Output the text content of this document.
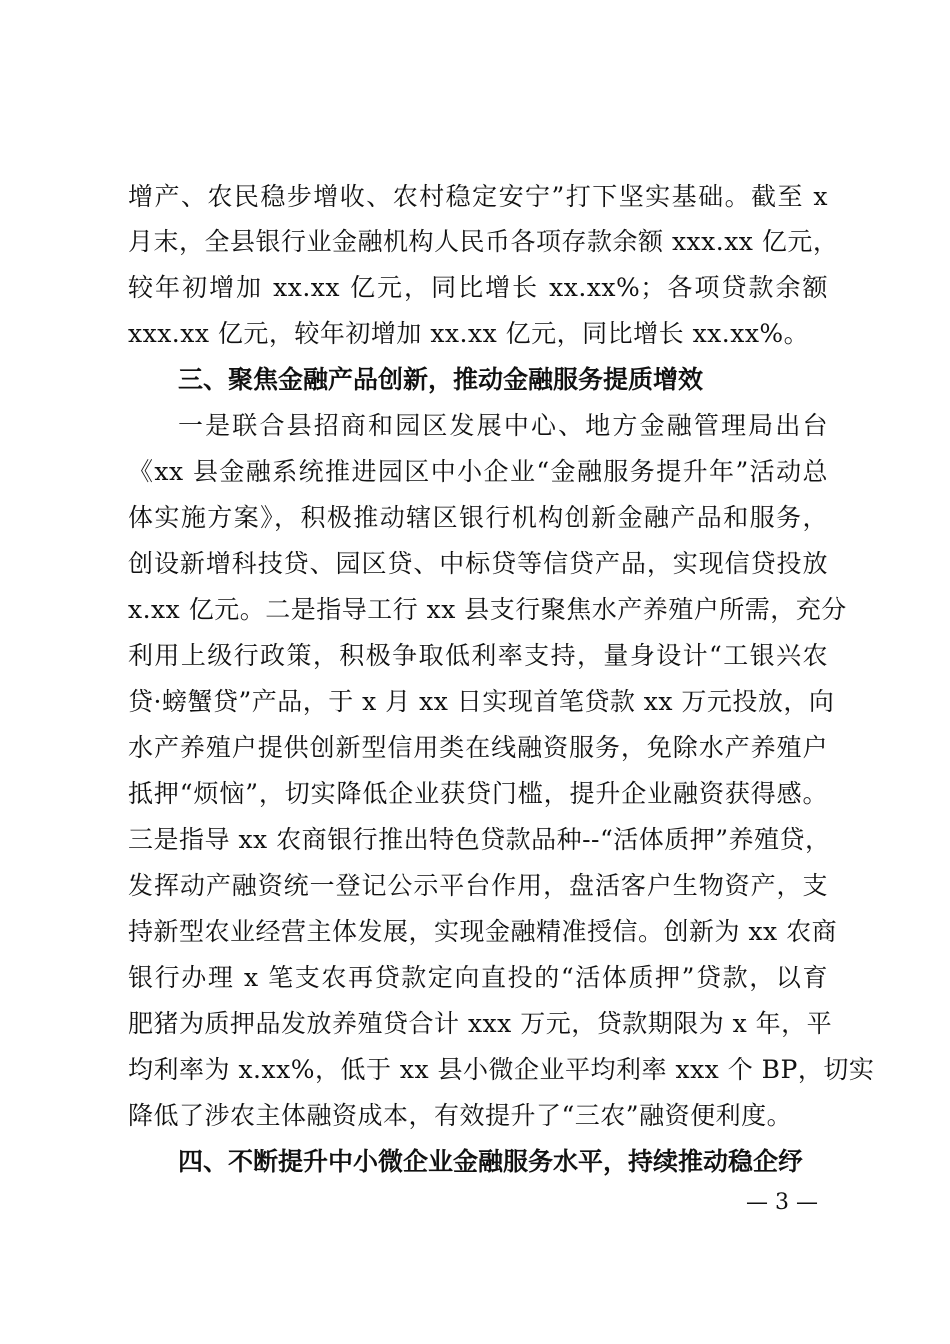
增产、农民稳步增收、农村稳定安宁”打下坚实基础。截至 x
月末，全县银行业金融机构人民币各项存款余额 xxx.xx 亿元，
较年初增加 xx.xx 亿元，同比增长 xx.xx%；各项贷款余额
xxx.xx 亿元，较年初增加 xx.xx 亿元，同比增长 xx.xx%。
三、聚焦金融产品创新，推动金融服务提质增效
一是联合县招商和园区发展中心、地方金融管理局出台
《xx 县金融系统推进园区中小企业“金融服务提升年”活动总
体实施方案》，积极推动辖区银行机构创新金融产品和服务，
创设新增科技贷、园区贷、中标贷等信贷产品，实现信贷投放
x.xx 亿元。二是指导工行 xx 县支行聚焦水产养殖户所需，充分
利用上级行政策，积极争取低利率支持，量身设计“工银兴农
贷·螃蟹贷”产品，于 x 月 xx 日实现首笔贷款 xx 万元投放，向
水产养殖户提供创新型信用类在线融资服务，免除水产养殖户
抵押“烦恼”，切实降低企业获贷门槛，提升企业融资获得感。
三是指导 xx 农商银行推出特色贷款品种--“活体质押”养殖贷，
发挥动产融资统一登记公示平台作用，盘活客户生物资产，支
持新型农业经营主体发展，实现金融精准授信。创新为 xx 农商
银行办理 x 笔支农再贷款定向直投的“活体质押”贷款，以育
肥猪为质押品发放养殖贷合计 xxx 万元，贷款期限为 x 年，平
均利率为 x.xx%，低于 xx 县小微企业平均利率 xxx 个 BP，切实
降低了涉农主体融资成本，有效提升了“三农”融资便利度。
四、不断提升中小微企业金融服务水平，持续推动稳企纾
— 3 —
